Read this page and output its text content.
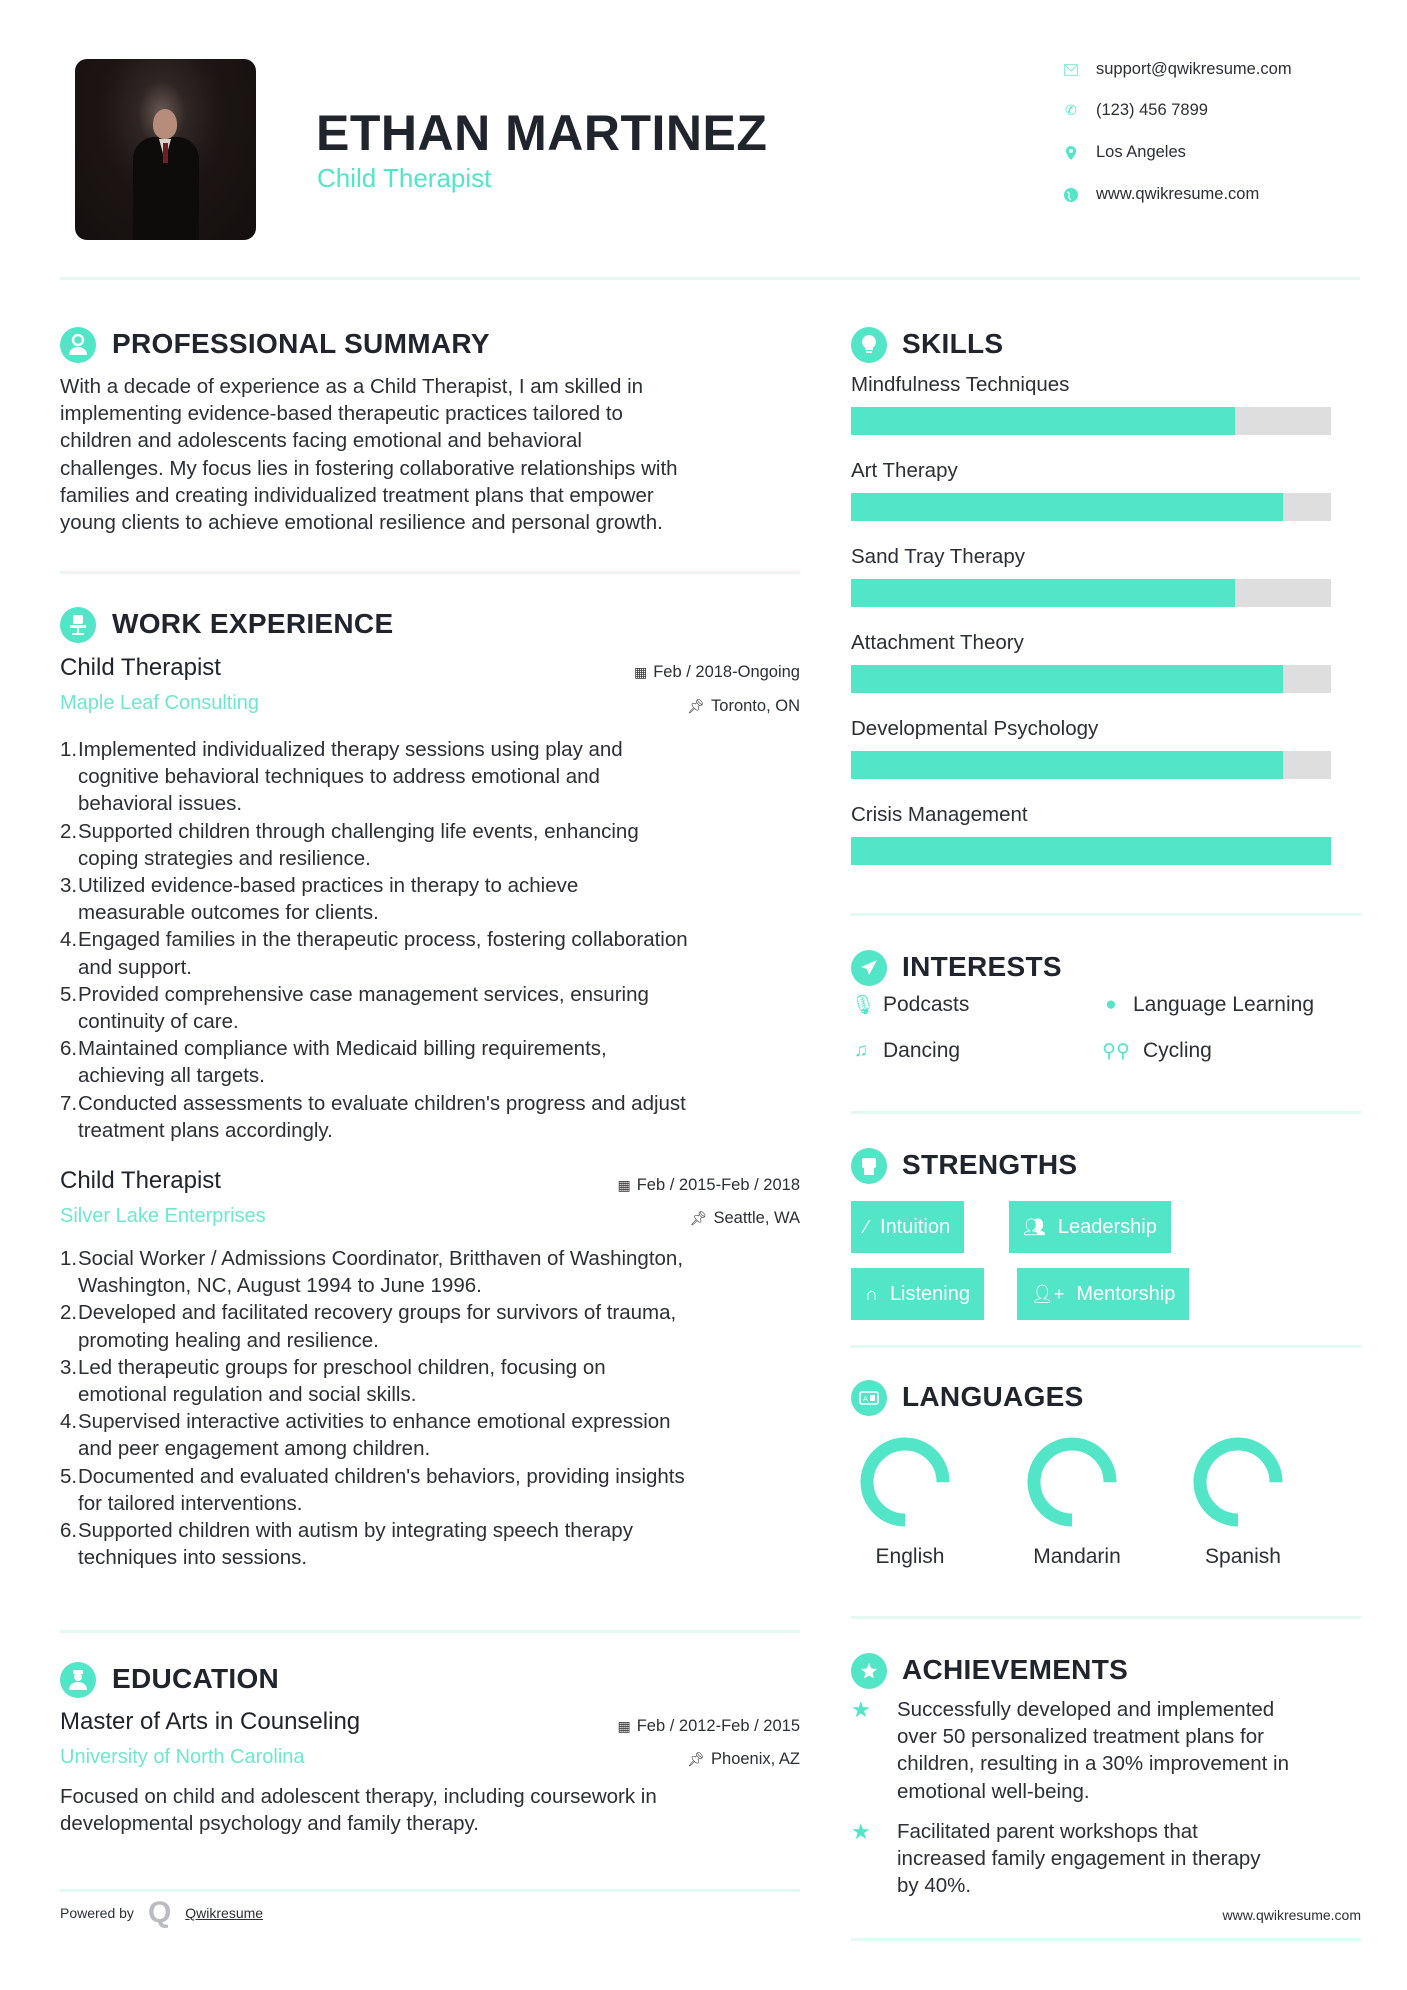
ETHAN MARTINEZ
Child Therapist
support@qwikresume.com
✆ (123) 456 7899
Los Angeles
www.qwikresume.com
PROFESSIONAL SUMMARY
With a decade of experience as a Child Therapist, I am skilled in
implementing evidence-based therapeutic practices tailored to
children and adolescents facing emotional and behavioral
challenges. My focus lies in fostering collaborative relationships with
families and creating individualized treatment plans that empower
young clients to achieve emotional resilience and personal growth.
WORK EXPERIENCE
Child Therapist	▦ Feb / 2018-Ongoing
Maple Leaf Consulting	📌︎ Toronto, ON
1. Implemented individualized therapy sessions using play and
cognitive behavioral techniques to address emotional and
behavioral issues.
2. Supported children through challenging life events, enhancing
coping strategies and resilience.
3. Utilized evidence-based practices in therapy to achieve
measurable outcomes for clients.
4. Engaged families in the therapeutic process, fostering collaboration
and support.
5. Provided comprehensive case management services, ensuring
continuity of care.
6. Maintained compliance with Medicaid billing requirements,
achieving all targets.
7. Conducted assessments to evaluate children's progress and adjust
treatment plans accordingly.
Child Therapist	▦ Feb / 2015-Feb / 2018
Silver Lake Enterprises	📌︎ Seattle, WA
1. Social Worker / Admissions Coordinator, Britthaven of Washington,
Washington, NC, August 1994 to June 1996.
2. Developed and facilitated recovery groups for survivors of trauma,
promoting healing and resilience.
3. Led therapeutic groups for preschool children, focusing on
emotional regulation and social skills.
4. Supervised interactive activities to enhance emotional expression
and peer engagement among children.
5. Documented and evaluated children's behaviors, providing insights
for tailored interventions.
6. Supported children with autism by integrating speech therapy
techniques into sessions.
EDUCATION
Master of Arts in Counseling	▦ Feb / 2012-Feb / 2015
University of North Carolina	📌︎ Phoenix, AZ
Focused on child and adolescent therapy, including coursework in
developmental psychology and family therapy.
Powered by Q Qwikresume
SKILLS
Mindfulness Techniques
Art Therapy
Sand Tray Therapy
Attachment Theory
Developmental Psychology
Crisis Management
INTERESTS
🎙︎ Podcasts	● Language Learning
♫ Dancing	⚲⚲ Cycling
STRENGTHS
⁄ Intuition	👥︎ Leadership
∩ Listening	👤︎+ Mentorship
A LANGUAGES
English	Mandarin	Spanish
ACHIEVEMENTS
★	Successfully developed and implemented
over 50 personalized treatment plans for
children, resulting in a 30% improvement in
emotional well-being.
★	Facilitated parent workshops that
increased family engagement in therapy
by 40%.
www.qwikresume.com
